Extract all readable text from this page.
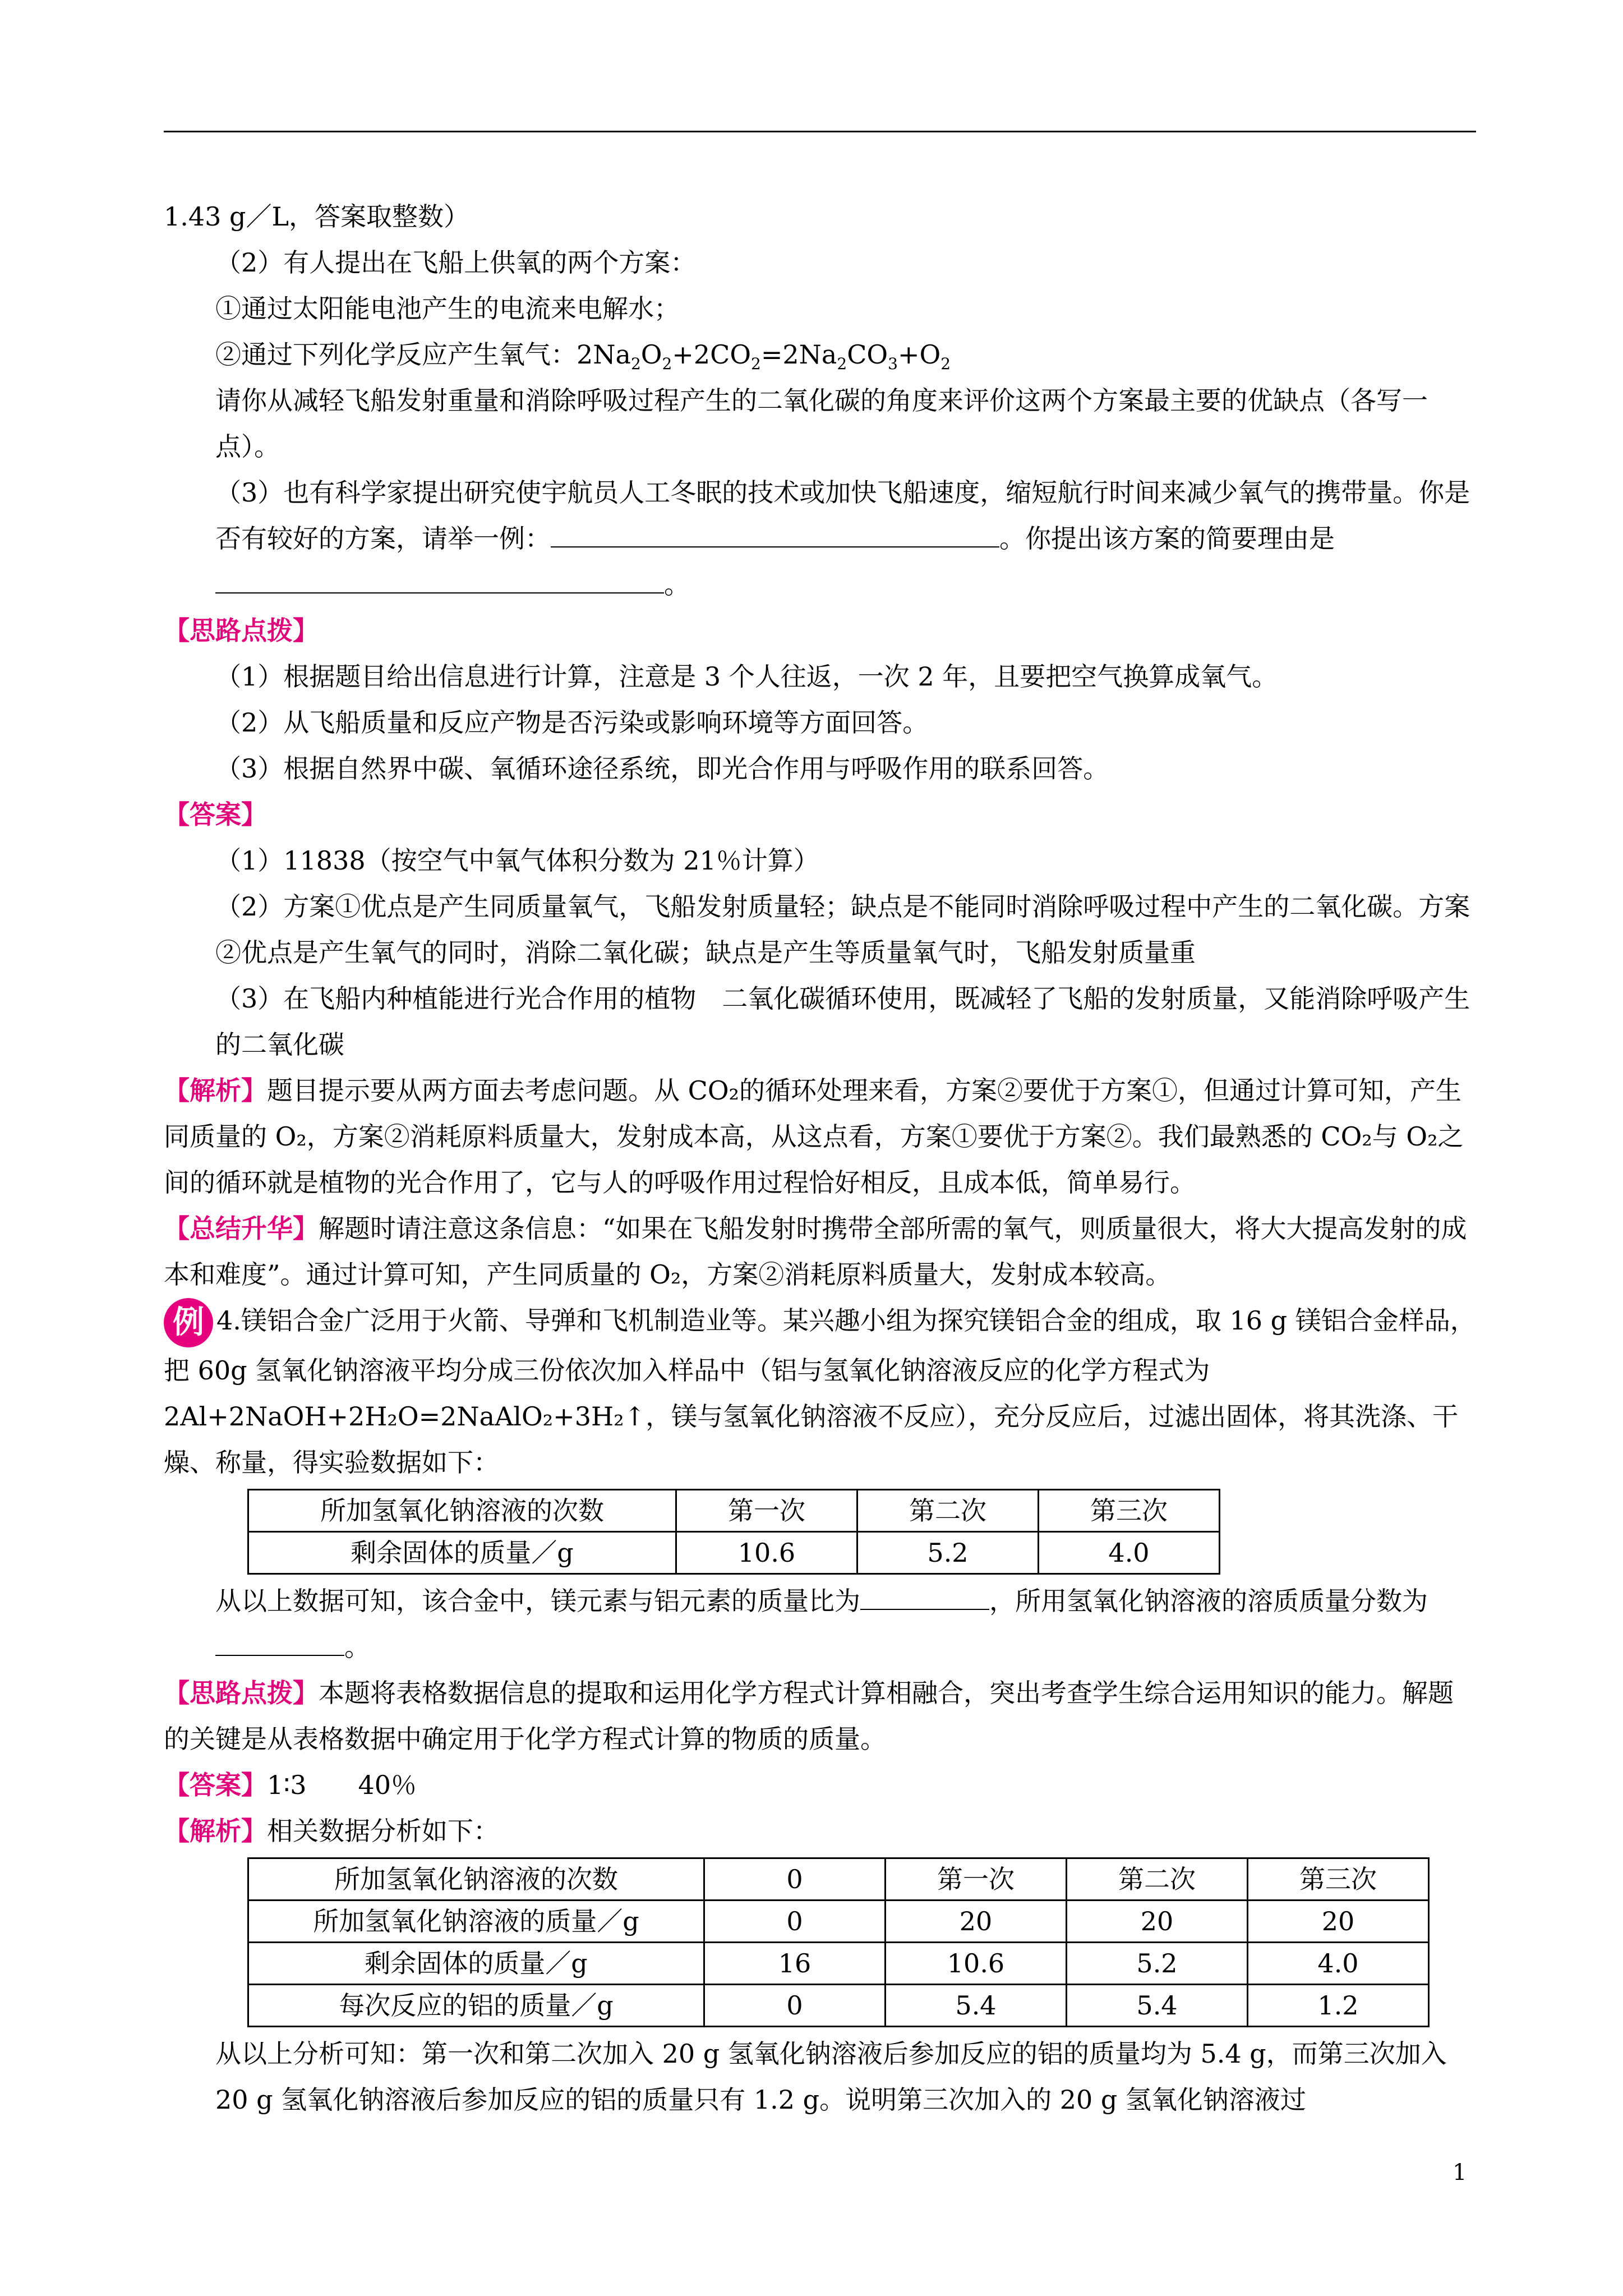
1.43 g／L，答案取整数）

（2）有人提出在飞船上供氧的两个方案：

①通过太阳能电池产生的电流来电解水；

②通过下列化学反应产生氧气：$2Na_2O_2+2CO_2=2Na_2CO_3+O_2$

请你从减轻飞船发射重量和消除呼吸过程产生的二氧化碳的角度来评价这两个方案最主要的优缺点（各写一点）。

（3）也有科学家提出研究使宇航员人工冬眠的技术或加快飞船速度，缩短航行时间来减少氧气的携带量。你是否有较好的方案，请举一例：	。你提出该方案的简要理由是。

【思路点拨】

（1）根据题目给出信息进行计算，注意是 3 个人往返，一次 2 年，且要把空气换算成氧气。

（2）从飞船质量和反应产物是否污染或影响环境等方面回答。

（3）根据自然界中碳、氧循环途径系统，即光合作用与呼吸作用的联系回答。

【答案】

（1）11838（按空气中氧气体积分数为 21％计算）

（2）方案①优点是产生同质量氧气，飞船发射质量轻；缺点是不能同时消除呼吸过程中产生的二氧化碳。方案②优点是产生氧气的同时，消除二氧化碳；缺点是产生等质量氧气时，飞船发射质量重

（3）在飞船内种植能进行光合作用的植物　二氧化碳循环使用，既减轻了飞船的发射质量，又能消除呼吸产生的二氧化碳

【解析】题目提示要从两方面去考虑问题。从 CO₂的循环处理来看，方案②要优于方案①，但通过计算可知，产生同质量的 O₂，方案②消耗原料质量大，发射成本高，从这点看，方案①要优于方案②。我们最熟悉的 CO₂与 O₂之间的循环就是植物的光合作用了，它与人的呼吸作用过程恰好相反，且成本低，简单易行。

【总结升华】解题时请注意这条信息：“如果在飞船发射时携带全部所需的氧气，则质量很大，将大大提高发射的成本和难度”。通过计算可知，产生同质量的 O₂，方案②消耗原料质量大，发射成本较高。

例 4.镁铝合金广泛用于火箭、导弹和飞机制造业等。某兴趣小组为探究镁铝合金的组成，取 16 g 镁铝合金样品，把 60g 氢氧化钠溶液平均分成三份依次加入样品中（铝与氢氧化钠溶液反应的化学方程式为 2Al+2NaOH+2H₂O=2NaAlO₂+3H₂↑，镁与氢氧化钠溶液不反应），充分反应后，过滤出固体，将其洗涤、干燥、称量，得实验数据如下：

所加氢氧化钠溶液的次数	第一次	第二次	第三次
剩余固体的质量／g	10.6	5.2	4.0

从以上数据可知，该合金中，镁元素与铝元素的质量比为	，所用氢氧化钠溶液的溶质质量分数为。

【思路点拨】本题将表格数据信息的提取和运用化学方程式计算相融合，突出考查学生综合运用知识的能力。解题的关键是从表格数据中确定用于化学方程式计算的物质的质量。

【答案】1∶3　　40％

【解析】相关数据分析如下：

所加氢氧化钠溶液的次数	0	第一次	第二次	第三次
所加氢氧化钠溶液的质量／g	0	20	20	20
剩余固体的质量／g	16	10.6	5.2	4.0
每次反应的铝的质量／g	0	5.4	5.4	1.2

从以上分析可知：第一次和第二次加入 20 g 氢氧化钠溶液后参加反应的铝的质量均为 5.4 g，而第三次加入 20 g 氢氧化钠溶液后参加反应的铝的质量只有 1.2 g。说明第三次加入的 20 g 氢氧化钠溶液过

1
